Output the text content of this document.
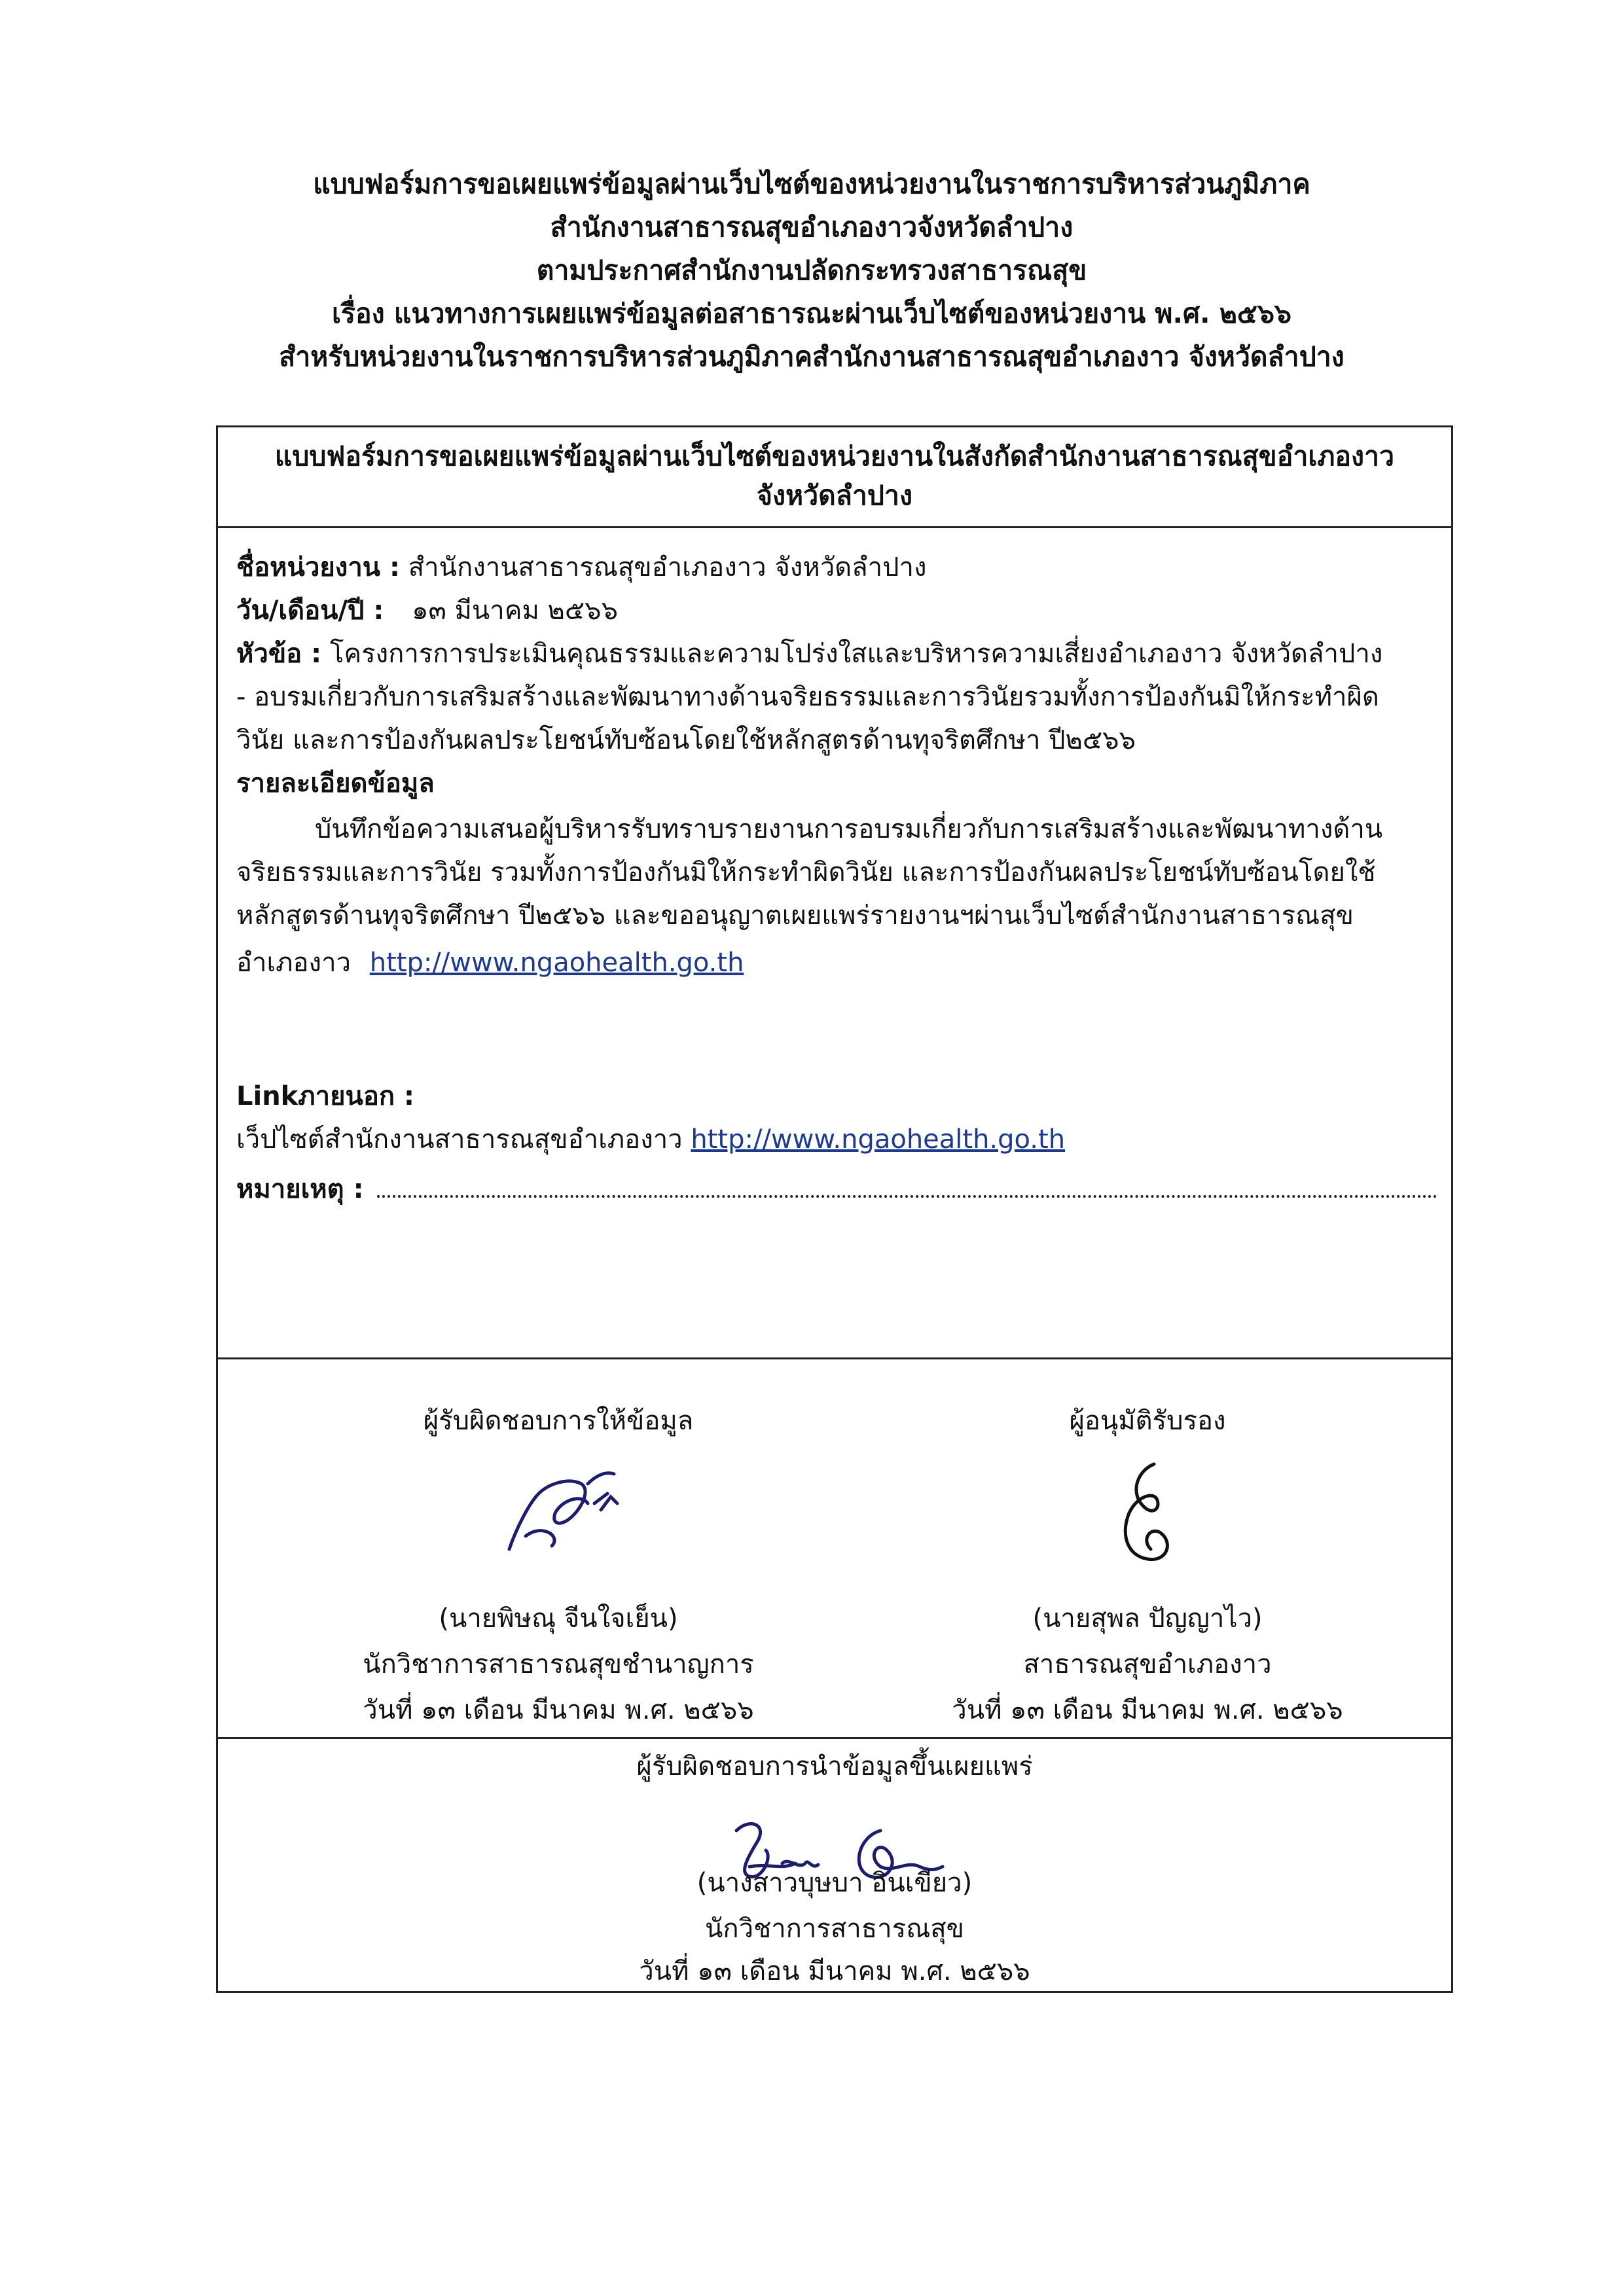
แบบฟอร์มการขอเผยแพร่ข้อมูลผ่านเว็บไซต์ของหน่วยงานในราชการบริหารส่วนภูมิภาค
สำนักงานสาธารณสุขอำเภองาวจังหวัดลำปาง
ตามประกาศสำนักงานปลัดกระทรวงสาธารณสุข
เรื่อง แนวทางการเผยแพร่ข้อมูลต่อสาธารณะผ่านเว็บไซต์ของหน่วยงาน พ.ศ. ๒๕๖๖
สำหรับหน่วยงานในราชการบริหารส่วนภูมิภาคสำนักงานสาธารณสุขอำเภองาว จังหวัดลำปาง
แบบฟอร์มการขอเผยแพร่ข้อมูลผ่านเว็บไซต์ของหน่วยงานในสังกัดสำนักงานสาธารณสุขอำเภองาว
จังหวัดลำปาง
ชื่อหน่วยงาน : สำนักงานสาธารณสุขอำเภองาว จังหวัดลำปาง
วัน/เดือน/ปี : ๑๓ มีนาคม ๒๕๖๖
หัวข้อ : โครงการการประเมินคุณธรรมและความโปร่งใสและบริหารความเสี่ยงอำเภองาว จังหวัดลำปาง
- อบรมเกี่ยวกับการเสริมสร้างและพัฒนาทางด้านจริยธรรมและการวินัยรวมทั้งการป้องกันมิให้กระทำผิด
วินัย และการป้องกันผลประโยชน์ทับซ้อนโดยใช้หลักสูตรด้านทุจริตศึกษา ปี๒๕๖๖
รายละเอียดข้อมูล
บันทึกข้อความเสนอผู้บริหารรับทราบรายงานการอบรมเกี่ยวกับการเสริมสร้างและพัฒนาทางด้าน
จริยธรรมและการวินัย รวมทั้งการป้องกันมิให้กระทำผิดวินัย และการป้องกันผลประโยชน์ทับซ้อนโดยใช้
หลักสูตรด้านทุจริตศึกษา ปี๒๕๖๖ และขออนุญาตเผยแพร่รายงานฯผ่านเว็บไซต์สำนักงานสาธารณสุข
อำเภองาว http://www.ngaohealth.go.th
Linkภายนอก :
เว็ปไซต์สำนักงานสาธารณสุขอำเภองาว http://www.ngaohealth.go.th
หมายเหตุ :
ผู้รับผิดชอบการให้ข้อมูล
(นายพิษณุ จีนใจเย็น)
นักวิชาการสาธารณสุขชำนาญการ
วันที่ ๑๓ เดือน มีนาคม พ.ศ. ๒๕๖๖
ผู้อนุมัติรับรอง
(นายสุพล ปัญญาไว)
สาธารณสุขอำเภองาว
วันที่ ๑๓ เดือน มีนาคม พ.ศ. ๒๕๖๖
ผู้รับผิดชอบการนำข้อมูลขึ้นเผยแพร่
(นางสาวบุษบา อินเขียว)
นักวิชาการสาธารณสุข
วันที่ ๑๓ เดือน มีนาคม พ.ศ. ๒๕๖๖
